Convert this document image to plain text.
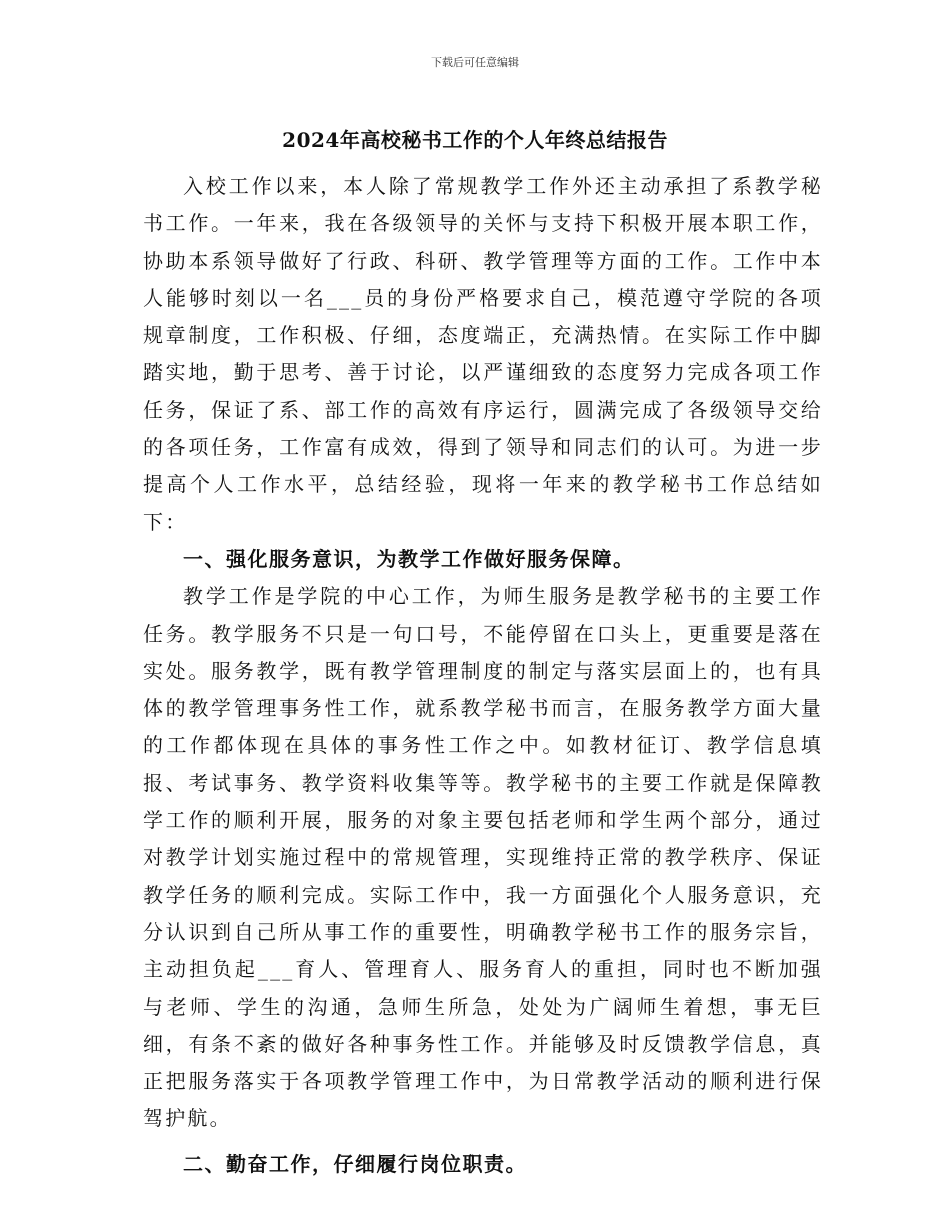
下载后可任意编辑
2024年高校秘书工作的个人年终总结报告

入校工作以来，本人除了常规教学工作外还主动承担了系教学秘书工作。一年来，我在各级领导的关怀与支持下积极开展本职工作，协助本系领导做好了行政、科研、教学管理等方面的工作。工作中本人能够时刻以一名___员的身份严格要求自己，模范遵守学院的各项规章制度，工作积极、仔细，态度端正，充满热情。在实际工作中脚踏实地，勤于思考、善于讨论，以严谨细致的态度努力完成各项工作任务，保证了系、部工作的高效有序运行，圆满完成了各级领导交给的各项任务，工作富有成效，得到了领导和同志们的认可。为进一步提高个人工作水平，总结经验，现将一年来的教学秘书工作总结如下：

一、强化服务意识，为教学工作做好服务保障。

教学工作是学院的中心工作，为师生服务是教学秘书的主要工作任务。教学服务不只是一句口号，不能停留在口头上，更重要是落在实处。服务教学，既有教学管理制度的制定与落实层面上的，也有具体的教学管理事务性工作，就系教学秘书而言，在服务教学方面大量的工作都体现在具体的事务性工作之中。如教材征订、教学信息填报、考试事务、教学资料收集等等。教学秘书的主要工作就是保障教学工作的顺利开展，服务的对象主要包括老师和学生两个部分，通过对教学计划实施过程中的常规管理，实现维持正常的教学秩序、保证教学任务的顺利完成。实际工作中，我一方面强化个人服务意识，充分认识到自己所从事工作的重要性，明确教学秘书工作的服务宗旨，主动担负起___育人、管理育人、服务育人的重担，同时也不断加强与老师、学生的沟通，急师生所急，处处为广阔师生着想，事无巨细，有条不紊的做好各种事务性工作。并能够及时反馈教学信息，真正把服务落实于各项教学管理工作中，为日常教学活动的顺利进行保驾护航。

二、勤奋工作，仔细履行岗位职责。
